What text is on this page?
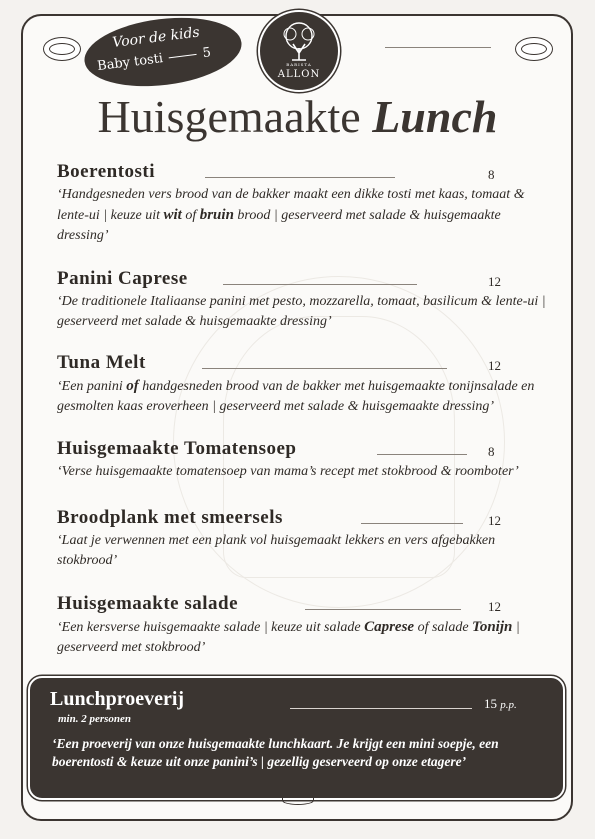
Voor de kids
Baby tosti	5
BARISTA
ALLON
Huisgemaakte Lunch
Boerentosti	8
‘Handgesneden vers brood van de bakker maakt een dikke tosti met kaas, tomaat & lente-ui | keuze uit wit of bruin brood | geserveerd met salade & huisgemaakte dressing’
Panini Caprese	12
‘De traditionele Italiaanse panini met pesto, mozzarella, tomaat, basilicum & lente-ui | geserveerd met salade & huisgemaakte dressing’
Tuna Melt	12
‘Een panini of handgesneden brood van de bakker met huisgemaakte tonijnsalade en gesmolten kaas eroverheen | geserveerd met salade & huisgemaakte dressing’
Huisgemaakte Tomatensoep	8
‘Verse huisgemaakte tomatensoep van mama’s recept met stokbrood & roomboter’
Broodplank met smeersels	12
‘Laat je verwennen met een plank vol huisgemaakt lekkers en vers afgebakken stokbrood’
Huisgemaakte salade	12
‘Een kersverse huisgemaakte salade | keuze uit salade Caprese of salade Tonijn | geserveerd met stokbrood’
Lunchproeverij
min. 2 personen
15 p.p.
‘Een proeverij van onze huisgemaakte lunchkaart. Je krijgt een mini soepje, een boerentosti & keuze uit onze panini’s | gezellig geserveerd op onze etagere’
